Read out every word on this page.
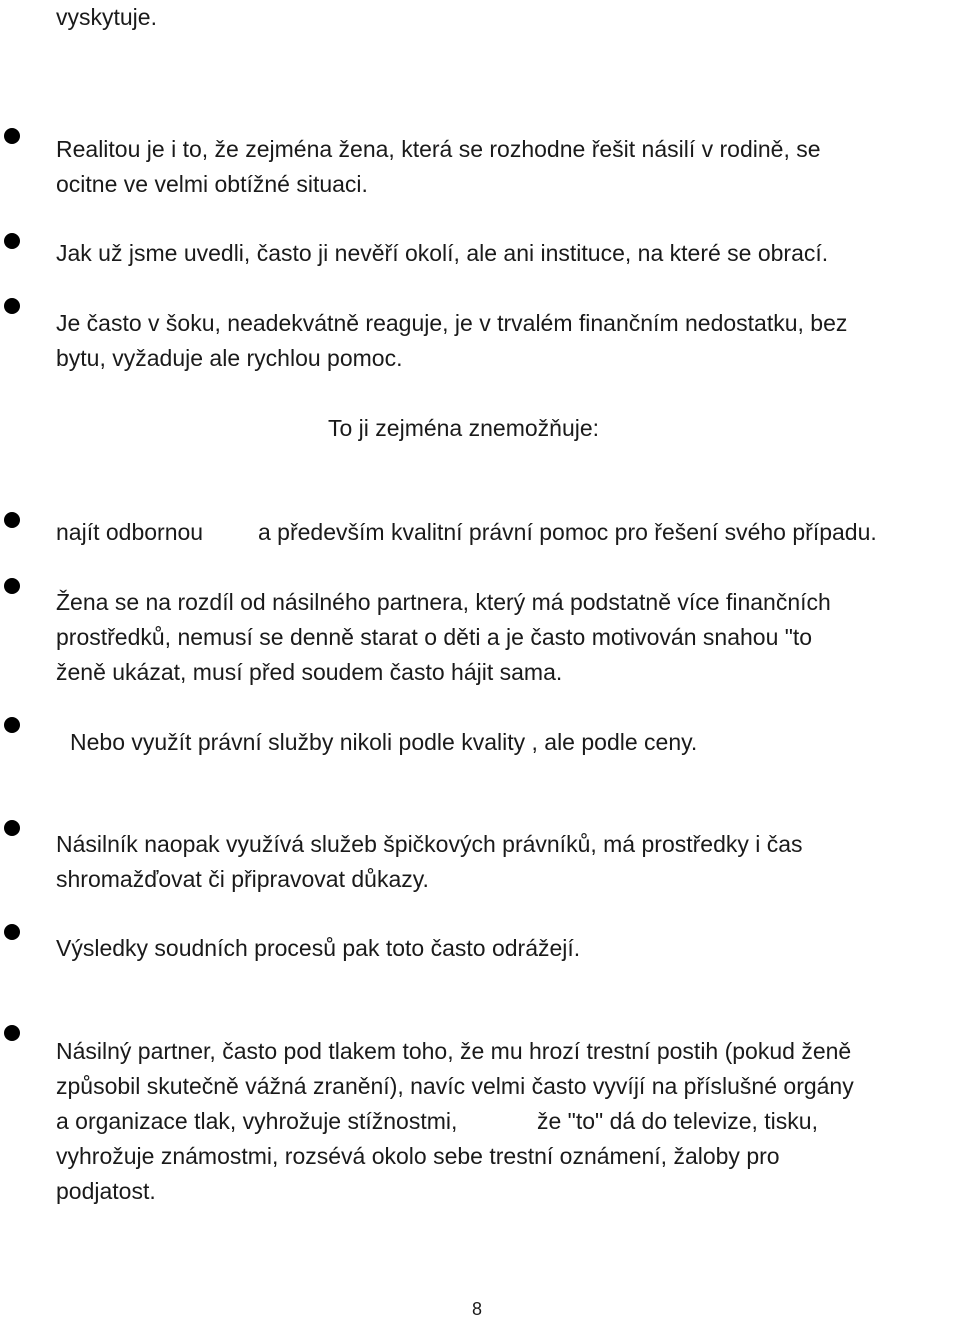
vyskytuje.
Realitou je i to, že zejména žena, která se rozhodne řešit násilí v rodině, se
ocitne ve velmi obtížné situaci.
Jak už jsme uvedli, často ji nevěří okolí, ale ani instituce, na které se obrací.
Je často v šoku, neadekvátně reaguje, je v trvalém finančním nedostatku, bez
bytu, vyžaduje ale rychlou pomoc.
To ji zejména znemožňuje:
najít odbornou a především kvalitní právní pomoc pro řešení svého případu.
Žena se na rozdíl od násilného partnera, který má podstatně více finančních
prostředků, nemusí se denně starat o děti a je často motivován snahou "to
ženě ukázat, musí před soudem často hájit sama.
Nebo využít právní služby nikoli podle kvality , ale podle ceny.
Násilník naopak využívá služeb špičkových právníků, má prostředky i čas
shromažďovat či připravovat důkazy.
Výsledky soudních procesů pak toto často odrážejí.
Násilný partner, často pod tlakem toho, že mu hrozí trestní postih (pokud ženě
způsobil skutečně vážná zranění), navíc velmi často vyvíjí na příslušné orgány
a organizace tlak, vyhrožuje stížnostmi,	že "to" dá do televize, tisku,
vyhrožuje známostmi, rozsévá okolo sebe trestní oznámení, žaloby pro
podjatost.
8
